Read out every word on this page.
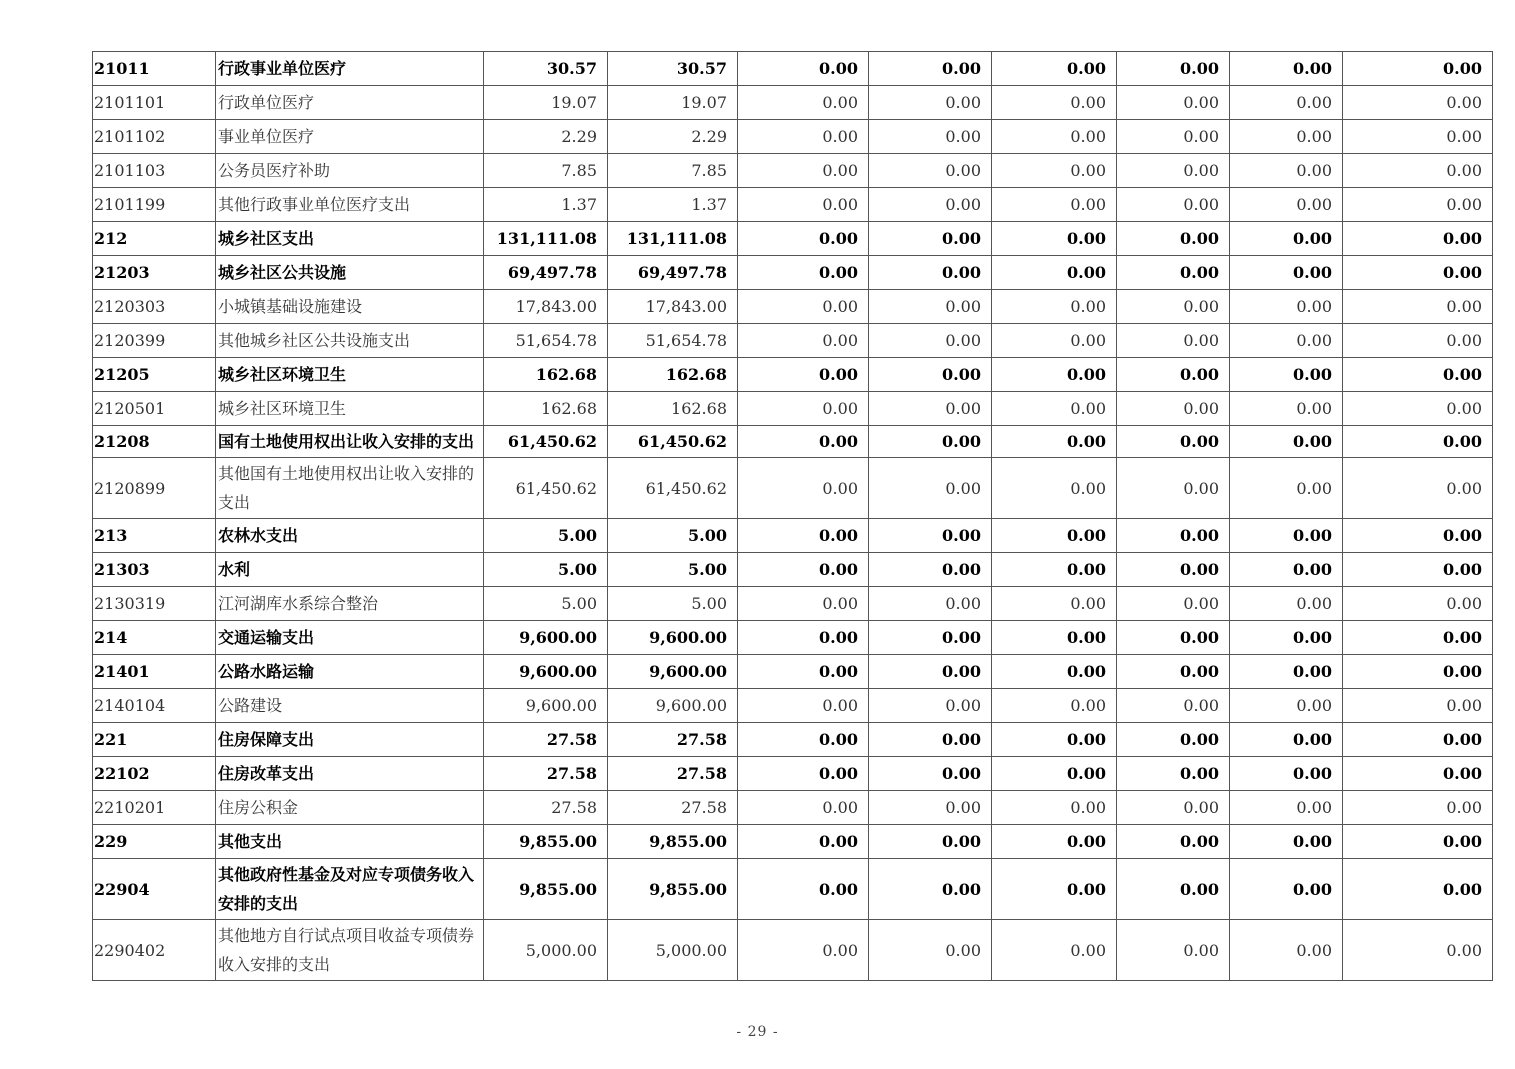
21011	行政事业单位医疗	30.57	30.57	0.00	0.00	0.00	0.00	0.00	0.00
2101101	行政单位医疗	19.07	19.07	0.00	0.00	0.00	0.00	0.00	0.00
2101102	事业单位医疗	2.29	2.29	0.00	0.00	0.00	0.00	0.00	0.00
2101103	公务员医疗补助	7.85	7.85	0.00	0.00	0.00	0.00	0.00	0.00
2101199	其他行政事业单位医疗支出	1.37	1.37	0.00	0.00	0.00	0.00	0.00	0.00
212	城乡社区支出	131,111.08	131,111.08	0.00	0.00	0.00	0.00	0.00	0.00
21203	城乡社区公共设施	69,497.78	69,497.78	0.00	0.00	0.00	0.00	0.00	0.00
2120303	小城镇基础设施建设	17,843.00	17,843.00	0.00	0.00	0.00	0.00	0.00	0.00
2120399	其他城乡社区公共设施支出	51,654.78	51,654.78	0.00	0.00	0.00	0.00	0.00	0.00
21205	城乡社区环境卫生	162.68	162.68	0.00	0.00	0.00	0.00	0.00	0.00
2120501	城乡社区环境卫生	162.68	162.68	0.00	0.00	0.00	0.00	0.00	0.00
21208	国有土地使用权出让收入安排的支出	61,450.62	61,450.62	0.00	0.00	0.00	0.00	0.00	0.00
2120899	其他国有土地使用权出让收入安排的支出	61,450.62	61,450.62	0.00	0.00	0.00	0.00	0.00	0.00
213	农林水支出	5.00	5.00	0.00	0.00	0.00	0.00	0.00	0.00
21303	水利	5.00	5.00	0.00	0.00	0.00	0.00	0.00	0.00
2130319	江河湖库水系综合整治	5.00	5.00	0.00	0.00	0.00	0.00	0.00	0.00
214	交通运输支出	9,600.00	9,600.00	0.00	0.00	0.00	0.00	0.00	0.00
21401	公路水路运输	9,600.00	9,600.00	0.00	0.00	0.00	0.00	0.00	0.00
2140104	公路建设	9,600.00	9,600.00	0.00	0.00	0.00	0.00	0.00	0.00
221	住房保障支出	27.58	27.58	0.00	0.00	0.00	0.00	0.00	0.00
22102	住房改革支出	27.58	27.58	0.00	0.00	0.00	0.00	0.00	0.00
2210201	住房公积金	27.58	27.58	0.00	0.00	0.00	0.00	0.00	0.00
229	其他支出	9,855.00	9,855.00	0.00	0.00	0.00	0.00	0.00	0.00
22904	其他政府性基金及对应专项债务收入安排的支出	9,855.00	9,855.00	0.00	0.00	0.00	0.00	0.00	0.00
2290402	其他地方自行试点项目收益专项债券收入安排的支出	5,000.00	5,000.00	0.00	0.00	0.00	0.00	0.00	0.00
- 29 -
